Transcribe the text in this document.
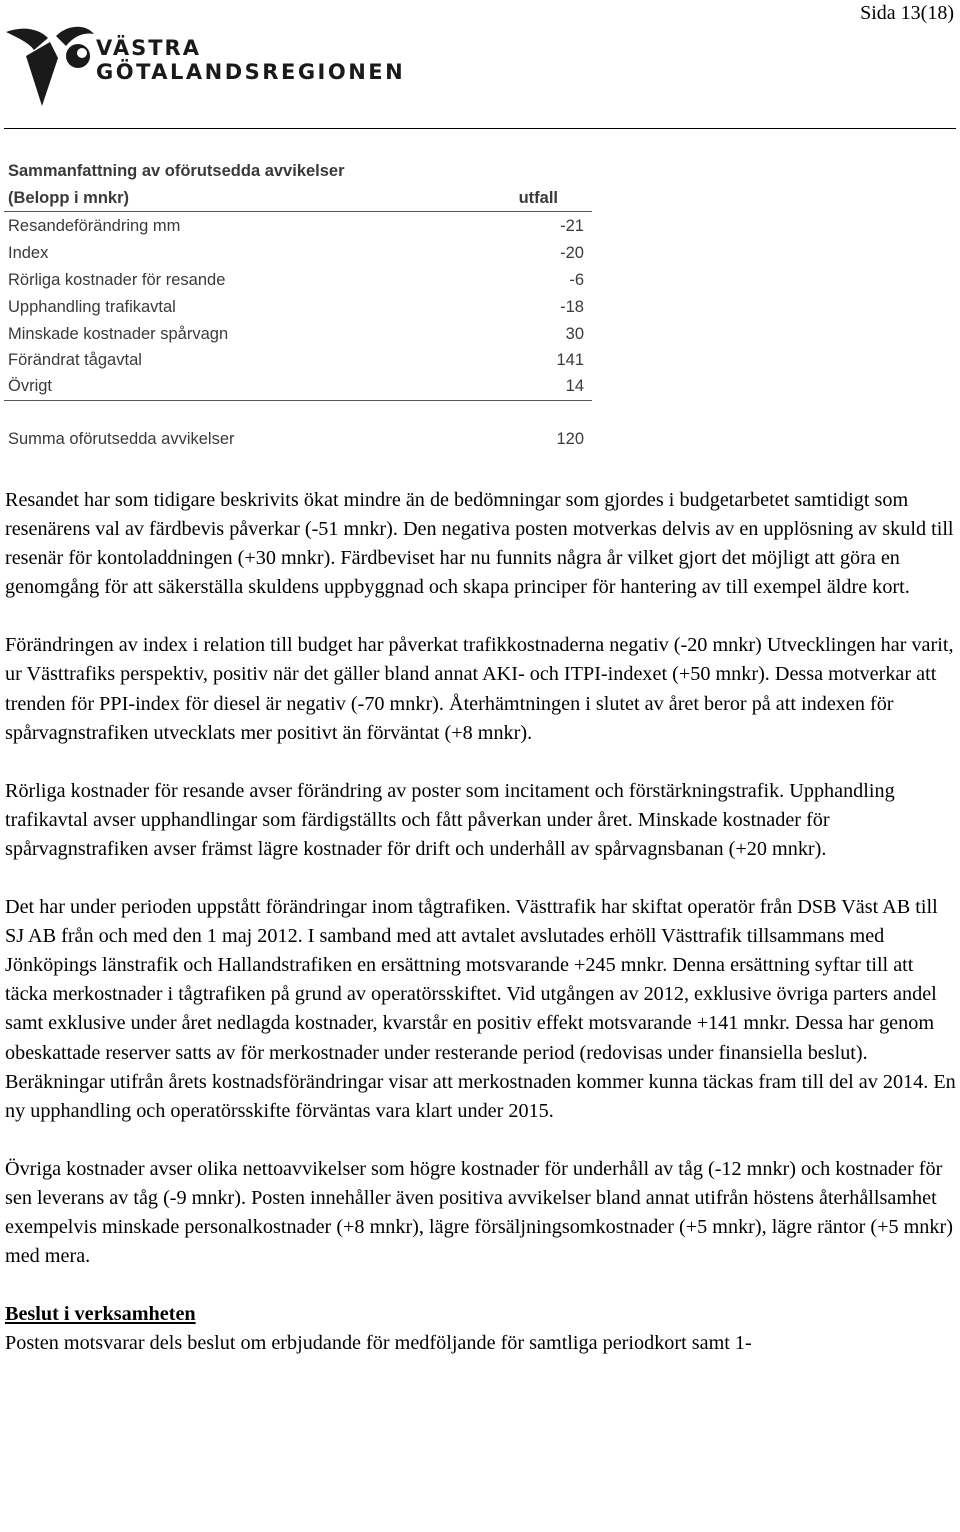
Sida 13(18)
VÄSTRA
GÖTALANDSREGIONEN
Sammanfattning av oförutsedda avvikelser
(Belopp i mnkr)	utfall
Resandeförändring mm	-21
Index	-20
Rörliga kostnader för resande	-6
Upphandling trafikavtal	-18
Minskade kostnader spårvagn	30
Förändrat tågavtal	141
Övrigt	14
Summa oförutsedda avvikelser	120

Resandet har som tidigare beskrivits ökat mindre än de bedömningar som gjordes i budgetarbetet samtidigt som resenärens val av färdbevis påverkar (-51 mnkr). Den negativa posten motverkas delvis av en upplösning av skuld till resenär för kontoladdningen (+30 mnkr). Färdbeviset har nu funnits några år vilket gjort det möjligt att göra en genomgång för att säkerställa skuldens uppbyggnad och skapa principer för hantering av till exempel äldre kort.

Förändringen av index i relation till budget har påverkat trafikkostnaderna negativ (-20 mnkr) Utvecklingen har varit, ur Västtrafiks perspektiv, positiv när det gäller bland annat AKI- och ITPI-indexet (+50 mnkr). Dessa motverkar att trenden för PPI-index för diesel är negativ (-70 mnkr). Återhämtningen i slutet av året beror på att indexen för spårvagnstrafiken utvecklats mer positivt än förväntat (+8 mnkr).

Rörliga kostnader för resande avser förändring av poster som incitament och förstärkningstrafik. Upphandling trafikavtal avser upphandlingar som färdigställts och fått påverkan under året. Minskade kostnader för spårvagnstrafiken avser främst lägre kostnader för drift och underhåll av spårvagnsbanan (+20 mnkr).

Det har under perioden uppstått förändringar inom tågtrafiken. Västtrafik har skiftat operatör från DSB Väst AB till SJ AB från och med den 1 maj 2012. I samband med att avtalet avslutades erhöll Västtrafik tillsammans med Jönköpings länstrafik och Hallandstrafiken en ersättning motsvarande +245 mnkr. Denna ersättning syftar till att täcka merkostnader i tågtrafiken på grund av operatörsskiftet. Vid utgången av 2012, exklusive övriga parters andel samt exklusive under året nedlagda kostnader, kvarstår en positiv effekt motsvarande +141 mnkr. Dessa har genom obeskattade reserver satts av för merkostnader under resterande period (redovisas under finansiella beslut). Beräkningar utifrån årets kostnadsförändringar visar att merkostnaden kommer kunna täckas fram till del av 2014. En ny upphandling och operatörsskifte förväntas vara klart under 2015.

Övriga kostnader avser olika nettoavvikelser som högre kostnader för underhåll av tåg (-12 mnkr) och kostnader för sen leverans av tåg (-9 mnkr). Posten innehåller även positiva avvikelser bland annat utifrån höstens återhållsamhet exempelvis minskade personalkostnader (+8 mnkr), lägre försäljningsomkostnader (+5 mnkr), lägre räntor (+5 mnkr) med mera.

Beslut i verksamheten

Posten motsvarar dels beslut om erbjudande för medföljande för samtliga periodkort samt 1-
